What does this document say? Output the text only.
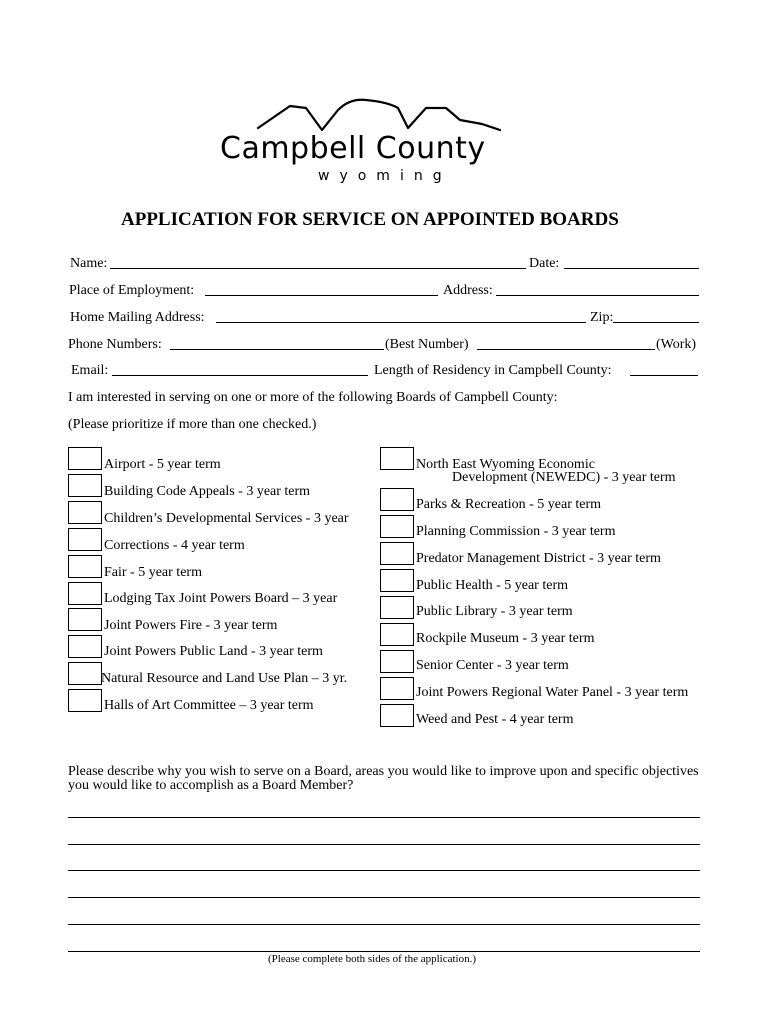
Campbell County
wyoming
APPLICATION FOR SERVICE ON APPOINTED BOARDS
Name:	Date:
Place of Employment:	Address:
Home Mailing Address:	Zip:
Phone Numbers:	(Best Number)	(Work)
Email:	Length of Residency in Campbell County:
I am interested in serving on one or more of the following Boards of Campbell County:
(Please prioritize if more than one checked.)
Airport - 5 year term
Building Code Appeals - 3 year term
Children’s Developmental Services - 3 year
Corrections - 4 year term
Fair - 5 year term
Lodging Tax Joint Powers Board – 3 year
Joint Powers Fire - 3 year term
Joint Powers Public Land - 3 year term
Natural Resource and Land Use Plan – 3 yr.
Halls of Art Committee – 3 year term
North East Wyoming Economic
Development (NEWEDC) - 3 year term
Parks & Recreation - 5 year term
Planning Commission - 3 year term
Predator Management District - 3 year term
Public Health - 5 year term
Public Library - 3 year term
Rockpile Museum - 3 year term
Senior Center - 3 year term
Joint Powers Regional Water Panel - 3 year term
Weed and Pest - 4 year term
Please describe why you wish to serve on a Board, areas you would like to improve upon and specific objectives you would like to accomplish as a Board Member?
(Please complete both sides of the application.)
